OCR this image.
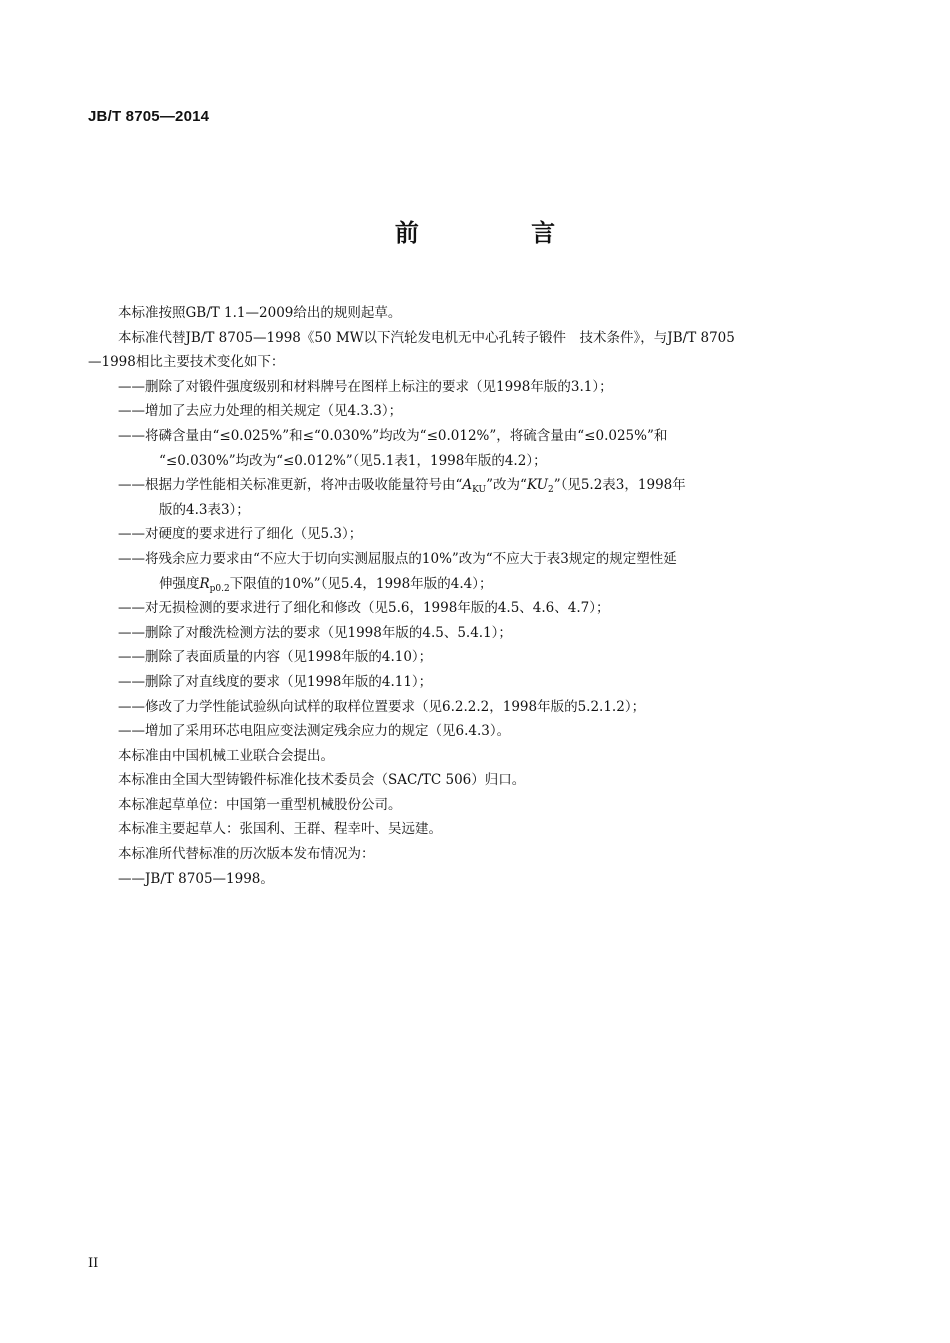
JB/T 8705—2014
前 言
本标准按照GB/T 1.1—2009给出的规则起草。
本标准代替JB/T 8705—1998《50 MW以下汽轮发电机无中心孔转子锻件　技术条件》，与JB/T 8705
—1998相比主要技术变化如下：
——删除了对锻件强度级别和材料牌号在图样上标注的要求（见1998年版的3.1）；
——增加了去应力处理的相关规定（见4.3.3）；
——将磷含量由“≤0.025%”和≤“0.030%”均改为“≤0.012%”，将硫含量由“≤0.025%”和
“≤0.030%”均改为“≤0.012%”（见5.1表1，1998年版的4.2）；
——根据力学性能相关标准更新，将冲击吸收能量符号由“$A_{KU}$”改为“$KU_2$”（见5.2表3，1998年
版的4.3表3）；
——对硬度的要求进行了细化（见5.3）；
——将残余应力要求由“不应大于切向实测屈服点的10%”改为“不应大于表3规定的规定塑性延
伸强度$R_{p0.2}$下限值的10%”（见5.4，1998年版的4.4）；
——对无损检测的要求进行了细化和修改（见5.6，1998年版的4.5、4.6、4.7）；
——删除了对酸洗检测方法的要求（见1998年版的4.5、5.4.1）；
——删除了表面质量的内容（见1998年版的4.10）；
——删除了对直线度的要求（见1998年版的4.11）；
——修改了力学性能试验纵向试样的取样位置要求（见6.2.2.2，1998年版的5.2.1.2）；
——增加了采用环芯电阻应变法测定残余应力的规定（见6.4.3）。
本标准由中国机械工业联合会提出。
本标准由全国大型铸锻件标准化技术委员会（SAC/TC 506）归口。
本标准起草单位：中国第一重型机械股份公司。
本标准主要起草人：张国利、王群、程幸叶、吴远建。
本标准所代替标准的历次版本发布情况为：
——JB/T 8705—1998。
II
